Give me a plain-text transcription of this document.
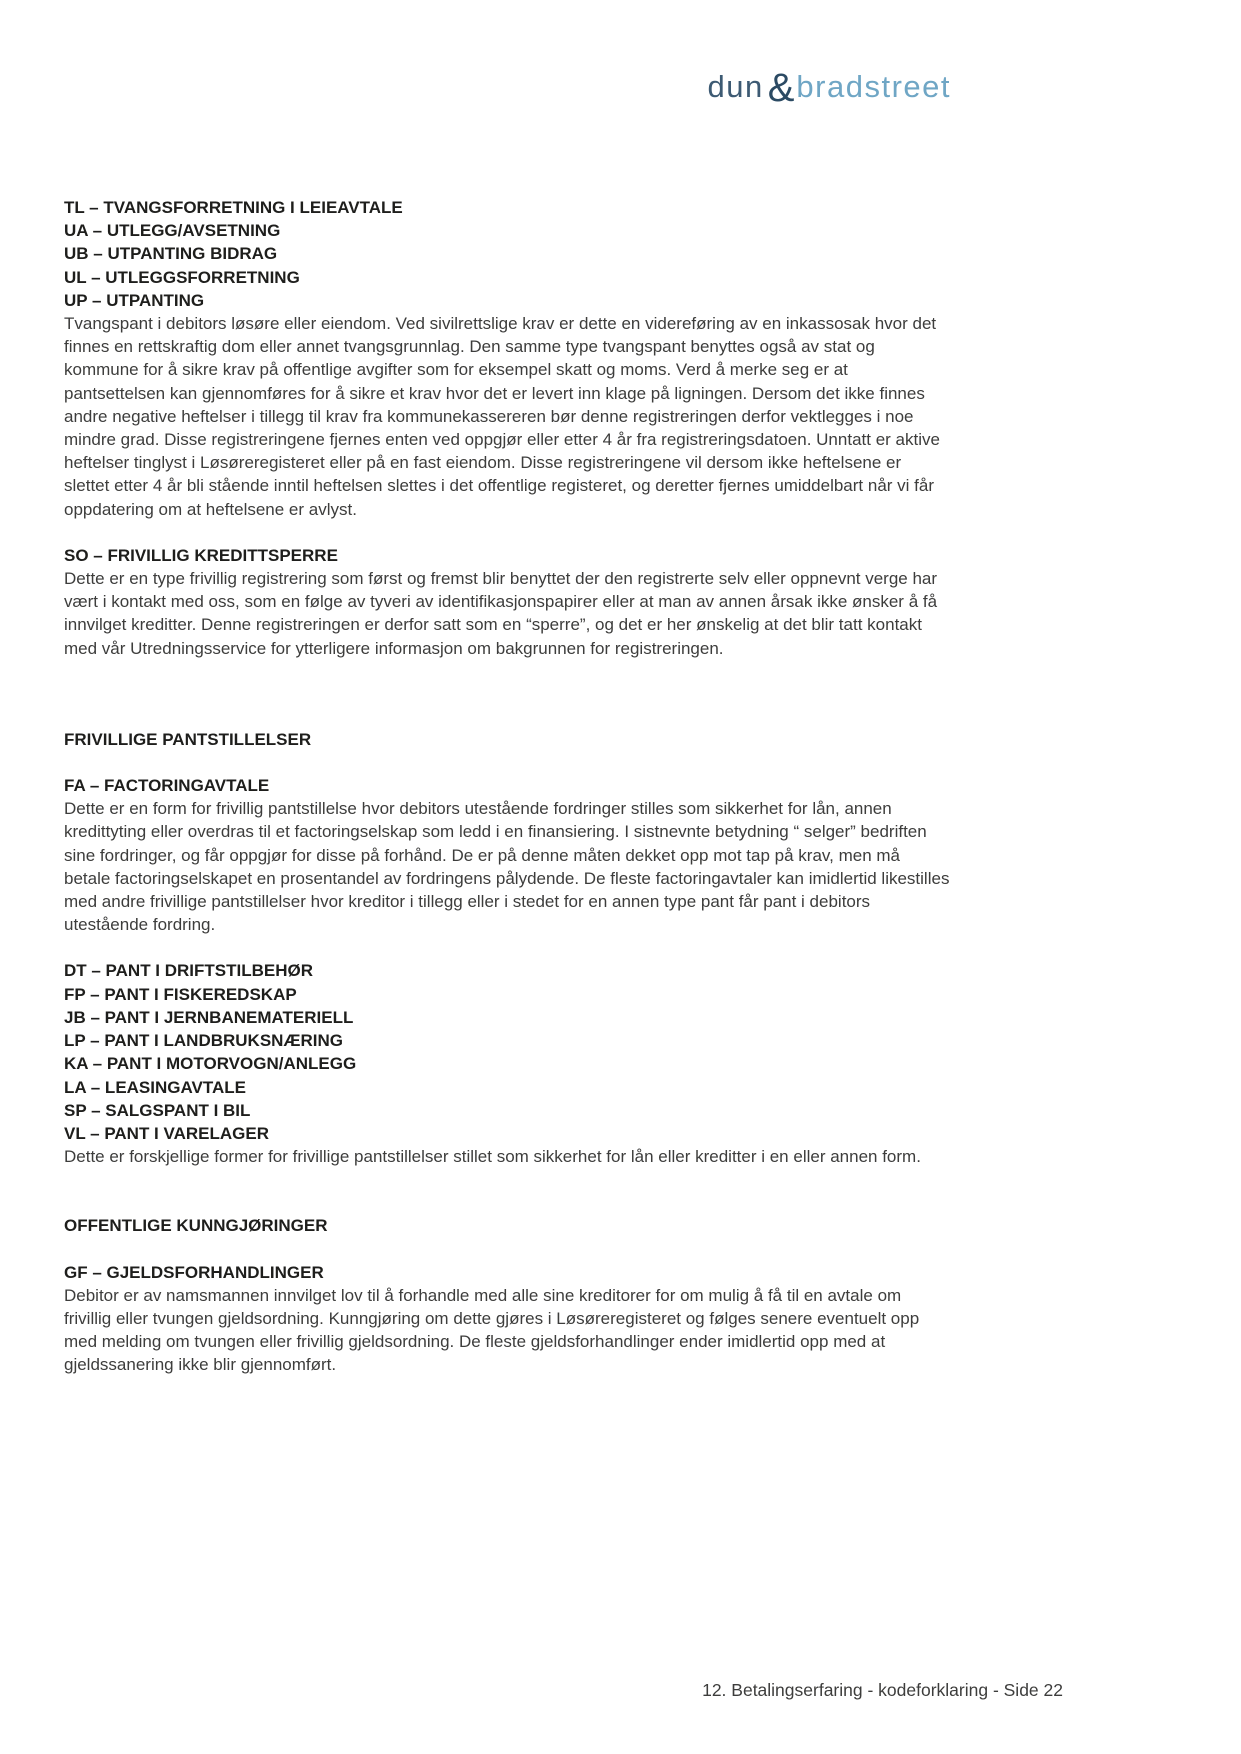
dun &bradstreet
TL – TVANGSFORRETNING I LEIEAVTALE
UA – UTLEGG/AVSETNING
UB – UTPANTING BIDRAG
UL – UTLEGGSFORRETNING
UP – UTPANTING

Tvangspant i debitors løsøre eller eiendom. Ved sivilrettslige krav er dette en videreføring av en inkassosak hvor det finnes en rettskraftig dom eller annet tvangsgrunnlag. Den samme type tvangspant benyttes også av stat og kommune for å sikre krav på offentlige avgifter som for eksempel skatt og moms. Verd å merke seg er at pantsettelsen kan gjennomføres for å sikre et krav hvor det er levert inn klage på ligningen. Dersom det ikke finnes andre negative heftelser i tillegg til krav fra kommunekassereren bør denne registreringen derfor vektlegges i noe mindre grad. Disse registreringene fjernes enten ved oppgjør eller etter 4 år fra registreringsdatoen. Unntatt er aktive heftelser tinglyst i Løsøreregisteret eller på en fast eiendom. Disse registreringene vil dersom ikke heftelsene er slettet etter 4 år bli stående inntil heftelsen slettes i det offentlige registeret, og deretter fjernes umiddelbart når vi får oppdatering om at heftelsene er avlyst.

SO – FRIVILLIG KREDITTSPERRE

Dette er en type frivillig registrering som først og fremst blir benyttet der den registrerte selv eller oppnevnt verge har vært i kontakt med oss, som en følge av tyveri av identifikasjonspapirer eller at man av annen årsak ikke ønsker å få innvilget kreditter. Denne registreringen er derfor satt som en “sperre”, og det er her ønskelig at det blir tatt kontakt med vår Utredningsservice for ytterligere informasjon om bakgrunnen for registreringen.

FRIVILLIGE PANTSTILLELSER
FA – FACTORINGAVTALE

Dette er en form for frivillig pantstillelse hvor debitors utestående fordringer stilles som sikkerhet for lån, annen kredittyting eller overdras til et factoringselskap som ledd i en finansiering. I sistnevnte betydning “ selger” bedriften sine fordringer, og får oppgjør for disse på forhånd. De er på denne måten dekket opp mot tap på krav, men må betale factoringselskapet en prosentandel av fordringens pålydende. De fleste factoringavtaler kan imidlertid likestilles med andre frivillige pantstillelser hvor kreditor i tillegg eller i stedet for en annen type pant får pant i debitors utestående fordring.

DT – PANT I DRIFTSTILBEHØR
FP – PANT I FISKEREDSKAP
JB – PANT I JERNBANEMATERIELL
LP – PANT I LANDBRUKSNÆRING
KA – PANT I MOTORVOGN/ANLEGG
LA – LEASINGAVTALE
SP – SALGSPANT I BIL
VL – PANT I VARELAGER

Dette er forskjellige former for frivillige pantstillelser stillet som sikkerhet for lån eller kreditter i en eller annen form.

OFFENTLIGE KUNNGJØRINGER
GF – GJELDSFORHANDLINGER

Debitor er av namsmannen innvilget lov til å forhandle med alle sine kreditorer for om mulig å få til en avtale om frivillig eller tvungen gjeldsordning. Kunngjøring om dette gjøres i Løsøreregisteret og følges senere eventuelt opp med melding om tvungen eller frivillig gjeldsordning. De fleste gjeldsforhandlinger ender imidlertid opp med at gjeldssanering ikke blir gjennomført.

12. Betalingserfaring - kodeforklaring - Side 22
